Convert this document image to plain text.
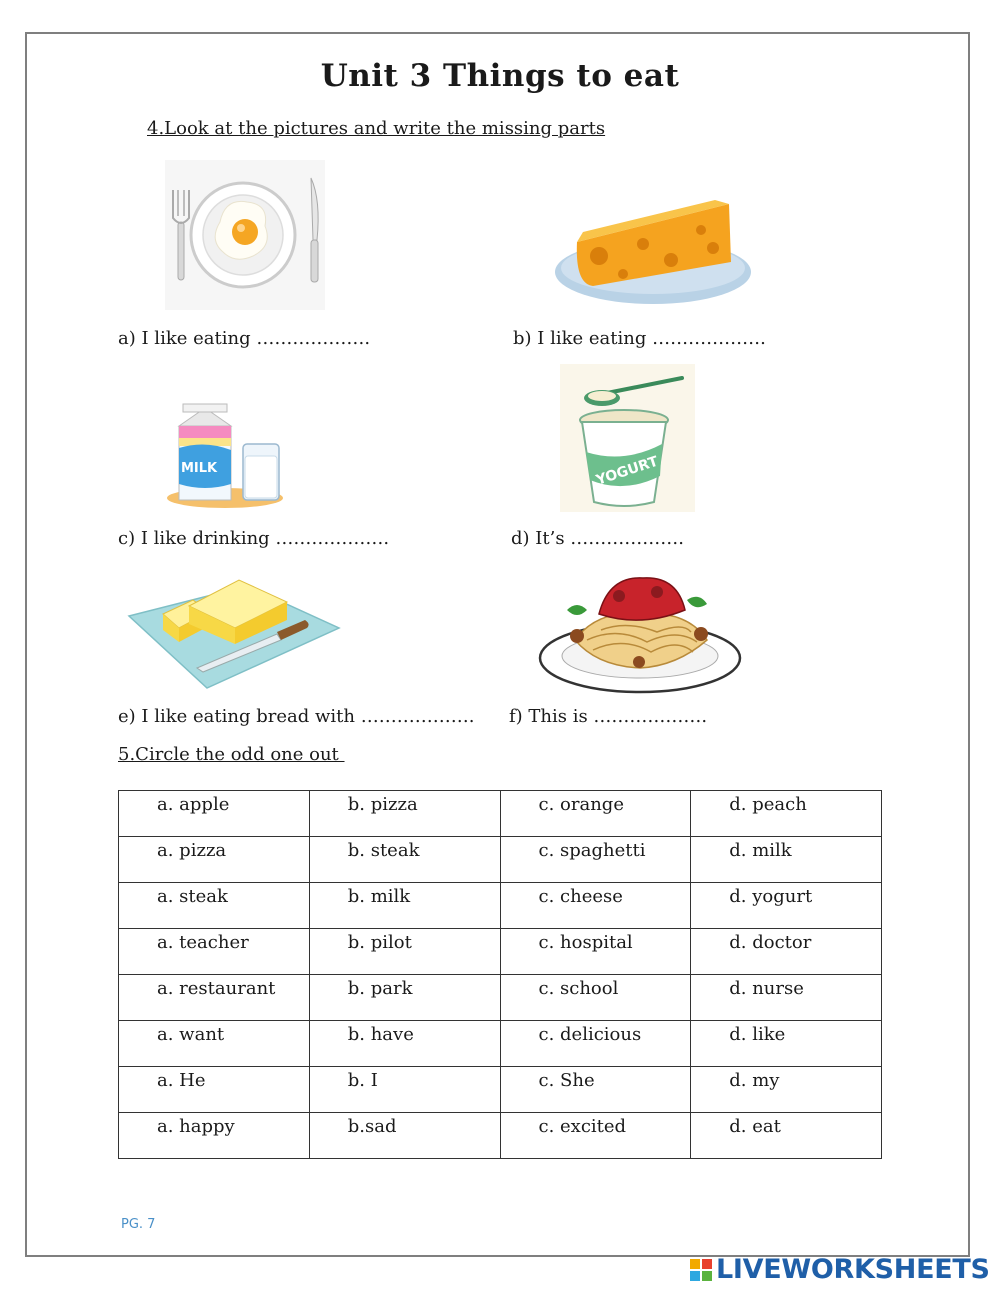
Unit 3 Things to eat
4.Look at the pictures and write the missing parts
a) I like eating ……………….	b) I like eating ……………….
MILK	YOGURT
c) I like drinking ……………….	d) It’s ……………….
e) I like eating bread with ………………. f) This is ……………….
5.Circle the odd one out
a. apple	b. pizza	c. orange	d. peach

a. pizza	b. steak	c. spaghetti	d. milk

a. steak	b. milk	c. cheese	d. yogurt

a. teacher	b. pilot	c. hospital	d. doctor

a. restaurant	b. park	c. school	d. nurse

a. want	b. have	c. delicious	d. like

a. He	b. I	c. She	d. my

a. happy	b.sad	c. excited	d. eat
PG. 7
LIVEWORKSHEETS
